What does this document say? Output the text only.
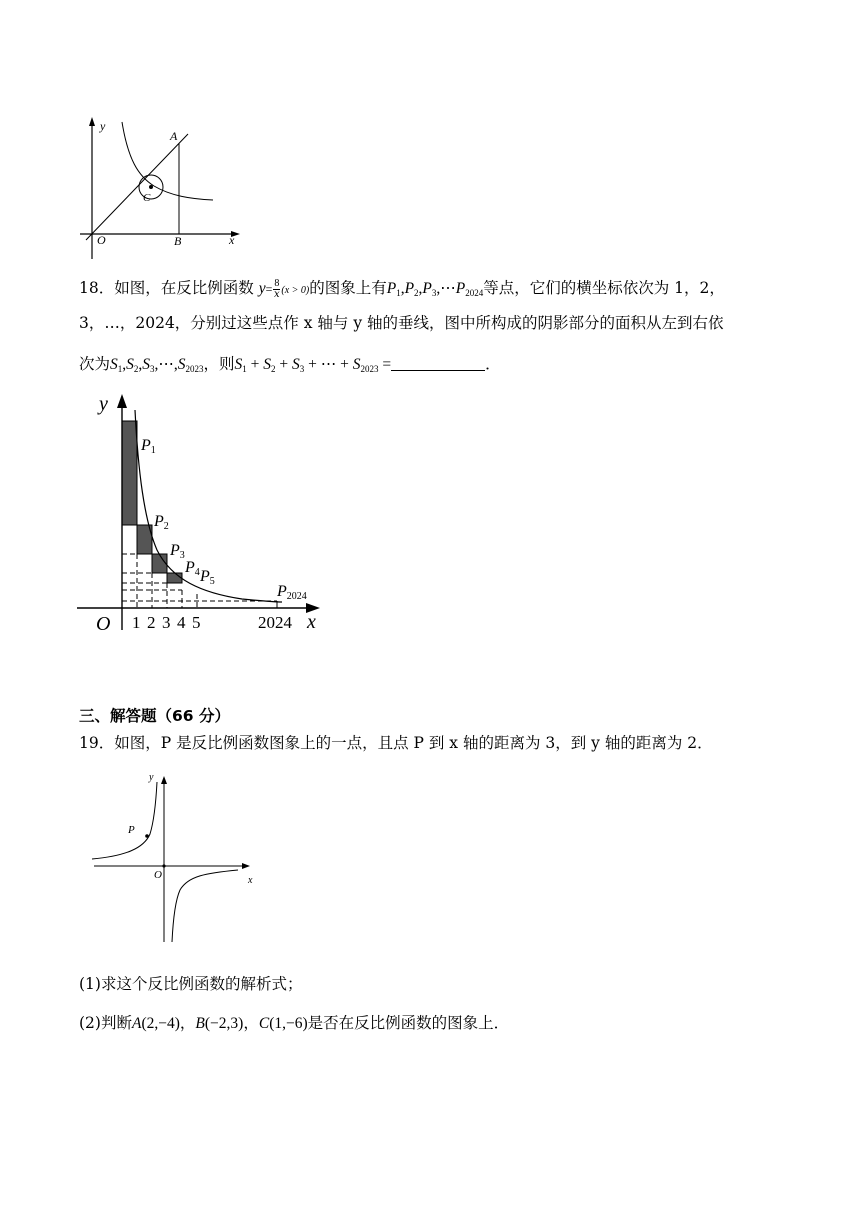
y
x
O
A
B
C
18．如图，在反比例函数 $y= \frac{8}{x} (x > 0)$的图象上有$P_1,P_2,P_3,\cdots P_{2024}$等点，它们的横坐标依次为 1，2，
3，…，2024，分别过这些点作 x 轴与 y 轴的垂线，图中所构成的阴影部分的面积从左到右依
次为$S_1,S_2,S_3,\cdots,S_{2023}$，则$S_1 + S_2 + S_3$ + ⋯ + $S_{2023}$ =	．
y
x
O
P1
P2
P3
P4 P5
P2024
1 2 3 4 5	2024
三、解答题（66 分）
19．如图，P 是反比例函数图象上的一点，且点 P 到 x 轴的距离为 3，到 y 轴的距离为 2．
P
y
x
O
(1)求这个反比例函数的解析式；
(2)判断A(2,−4)，B(−2,3)，C(1,−6)是否在反比例函数的图象上．
